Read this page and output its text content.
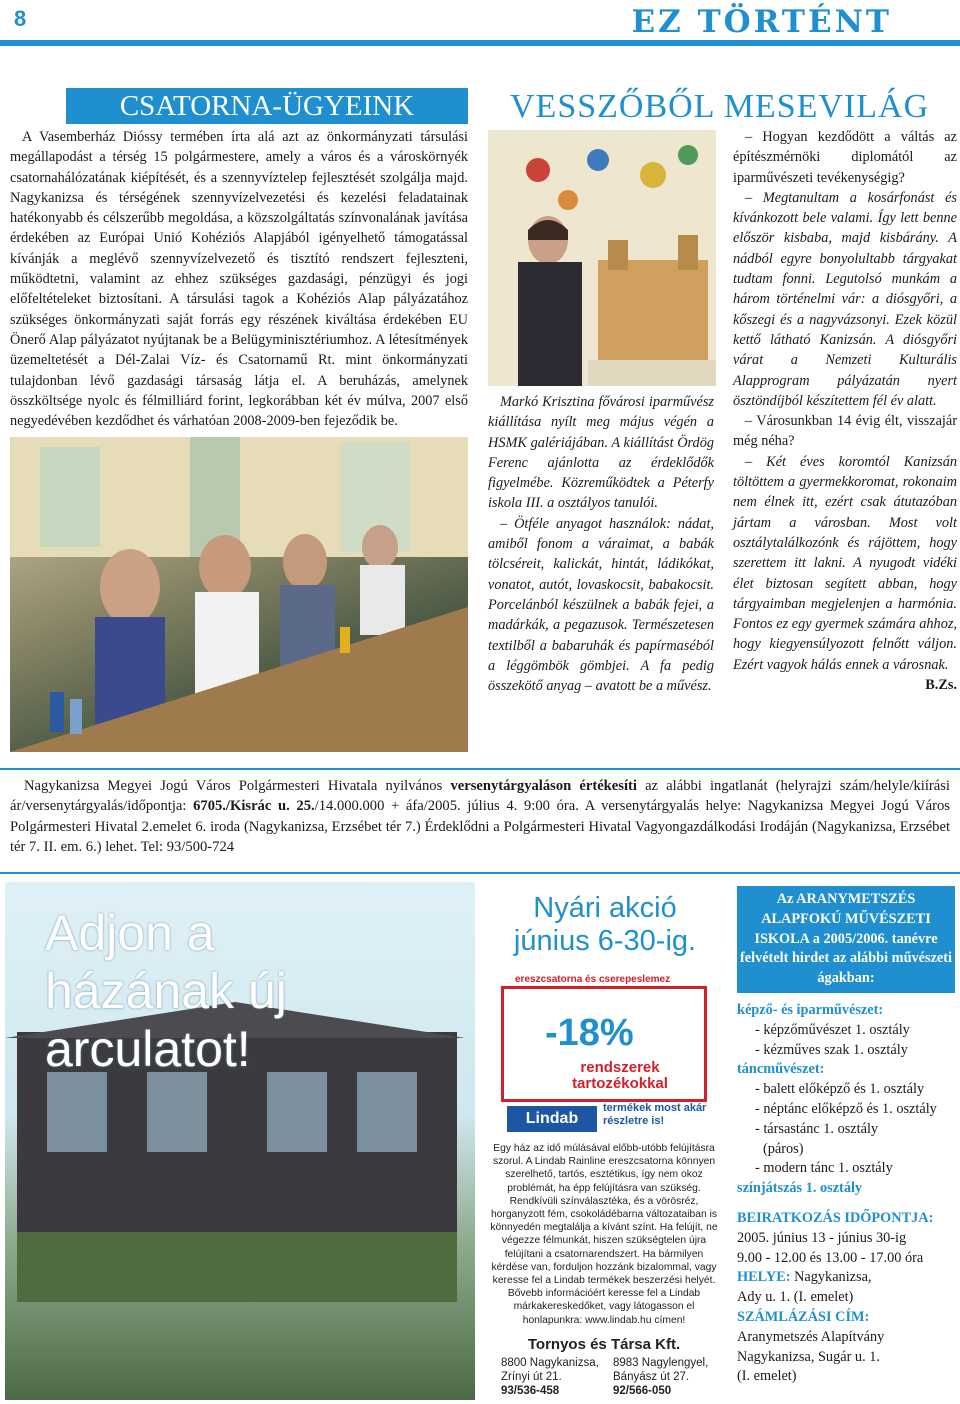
8	EZ TÖRTÉNT
CSATORNA-ÜGYEINK

A Vasemberház Dióssy termében írta alá azt az önkormányzati társulási megállapodást a térség 15 polgármestere, amely a város és a városkörnyék csatornahálózatának kiépítését, és a szennyvíztelep fejlesztését szolgálja majd. Nagykanizsa és térségének szennyvízelvezetési és kezelési feladatainak hatékonyabb és célszerűbb megoldása, a közszolgáltatás színvonalának javítása érdekében az Európai Unió Kohéziós Alapjából igényelhető támogatással kívánják a meglévő szennyvízelvezető és tisztító rendszert fejleszteni, működtetni, valamint az ehhez szükséges gazdasági, pénzügyi és jogi előfeltételeket biztosítani. A társulási tagok a Kohéziós Alap pályázatához szükséges önkormányzati saját forrás egy részének kiváltása érdekében EU Önerő Alap pályázatot nyújtanak be a Belügyminisztériumhoz. A létesítmények üzemeltetését a Dél-Zalai Víz- és Csatornamű Rt. mint önkormányzati tulajdonban lévő gazdasági társaság látja el. A beruházás, amelynek összköltsége nyolc és félmilliárd forint, legkorábban két év múlva, 2007 első negyedévében kezdődhet és várhatóan 2008-2009-ben fejeződik be.

VESSZŐBŐL MESEVILÁG

Markó Krisztina fővárosi iparművész kiállítása nyílt meg május végén a HSMK galériájában. A kiállítást Ördög Ferenc ajánlotta az érdeklődők figyelmébe. Közreműködtek a Péterfy iskola III. a osztályos tanulói.

– Ötféle anyagot használok: nádat, amiből fonom a váraimat, a babák tölcséreit, kalickát, hintát, ládikókat, vonatot, autót, lovaskocsit, babakocsit. Porcelánból készülnek a babák fejei, a madárkák, a pegazusok. Természetesen textilből a babaruhák és papírmaséból a léggömbök gömbjei. A fa pedig összekötő anyag – avatott be a művész.

– Hogyan kezdődött a váltás az építészmérnöki diplomától az iparművészeti tevékenységig?

– Megtanultam a kosárfonást és kívánkozott bele valami. Így lett benne először kisbaba, majd kisbárány. A nádból egyre bonyolultabb tárgyakat tudtam fonni. Legutolsó munkám a három történelmi vár: a diósgyőri, a kőszegi és a nagyvázsonyi. Ezek közül kettő látható Kanizsán. A diósgyőri várat a Nemzeti Kulturális Alapprogram pályázatán nyert ösztöndíjból készítettem fél év alatt.

– Városunkban 14 évig élt, visszajár még néha?

– Két éves koromtól Kanizsán töltöttem a gyermekkoromat, rokonaim nem élnek itt, ezért csak átutazóban jártam a városban. Most volt osztálytalálkozónk és rájöttem, hogy szerettem itt lakni. A nyugodt vidéki élet biztosan segített abban, hogy tárgyaimban megjelenjen a harmónia. Fontos ez egy gyermek számára ahhoz, hogy kiegyensúlyozott felnőtt váljon. Ezért vagyok hálás ennek a városnak.

B.Zs.

Nagykanizsa Megyei Jogú Város Polgármesteri Hivatala nyilvános versenytárgyaláson értékesíti az alábbi ingatlanát (helyrajzi szám/helyle/kiírási ár/versenytárgyalás/időpontja: 6705./Kisrác u. 25./14.000.000 + áfa/2005. július 4. 9:00 óra. A versenytárgyalás helye: Nagykanizsa Megyei Jogú Város Polgármesteri Hivatal 2.emelet 6. iroda (Nagykanizsa, Erzsébet tér 7.) Érdeklődni a Polgármesteri Hivatal Vagyongazdálkodási Irodáján (Nagykanizsa, Erzsébet tér 7. II. em. 6.) lehet. Tel: 93/500-724
Adjon a házának új arculatot!
Nyári akció június 6-30-ig.
ereszcsatorna és cserepeslemez
-18%
rendszerek tartozékokkal
Lindab
termékek most akár részletre is!
Egy ház az idő múlásával előbb-utóbb felújításra szorul. A Lindab Rainline ereszcsatorna könnyen szerelhető, tartós, esztétikus, így nem okoz problémát, ha épp felújításra van szükség. Rendkívüli színválasztéka, és a vörösréz, horganyzott fém, csokoládébarna változataiban is könnyedén megtalálja a kívánt színt. Ha felújít, ne végezze félmunkát, hiszen szükségtelen újra felújítani a csatornarendszert. Ha bármilyen kérdése van, forduljon hozzánk bizalommal, vagy keresse fel a Lindab termékek beszerzési helyét. Bővebb információért keresse fel a Lindab márkakereskedőket, vagy látogasson el honlapunkra: www.lindab.hu címen!
Tornyos és Társa Kft.
8800 Nagykanizsa,
Zrínyi út 21.
93/536-458
8983 Nagylengyel,
Bányász út 27.
92/566-050
Az ARANYMETSZÉS ALAPFOKÚ MŰVÉSZETI ISKOLA a 2005/2006. tanévre felvételt hirdet az alábbi művészeti ágakban:

képző- és iparművészet:

- képzőművészet 1. osztály

- kézműves szak 1. osztály

táncművészet:

- balett előképző és 1. osztály

- néptánc előképző és 1. osztály

- társastánc 1. osztály

(páros)

- modern tánc 1. osztály

színjátszás 1. osztály

BEIRATKOZÁS IDŐPONTJA:

2005. június 13 - június 30-ig

9.00 - 12.00 és 13.00 - 17.00 óra

HELYE: Nagykanizsa,

Ady u. 1. (I. emelet)

SZÁMLÁZÁSI CÍM:

Aranymetszés Alapítvány

Nagykanizsa, Sugár u. 1.

(I. emelet)
